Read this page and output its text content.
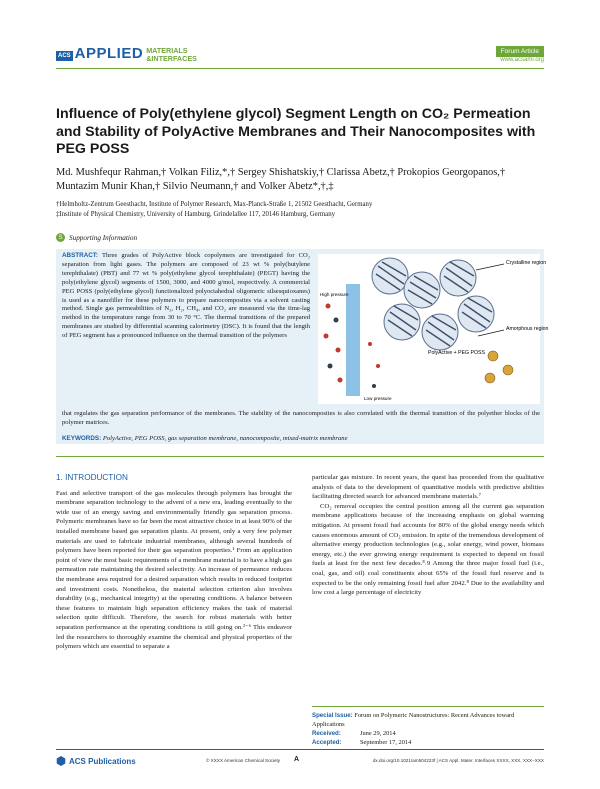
ACS APPLIED MATERIALS
&INTERFACES
Forum Article
www.acsami.org
Influence of Poly(ethylene glycol) Segment Length on CO₂ Permeation and Stability of PolyActive Membranes and Their Nanocomposites with PEG POSS
Md. Mushfequr Rahman,† Volkan Filiz,*,† Sergey Shishatskiy,† Clarissa Abetz,† Prokopios Georgopanos,† Muntazim Munir Khan,† Silvio Neumann,† and Volker Abetz*,†,‡
†Helmholtz-Zentrum Geesthacht, Institute of Polymer Research, Max-Planck-Straße 1, 21502 Geesthacht, Germany
‡Institute of Physical Chemistry, University of Hamburg, Grindelallee 117, 20146 Hamburg, Germany
S Supporting Information
ABSTRACT: Three grades of PolyActive block copolymers are investigated for CO₂ separation from light gases. The polymers are composed of 23 wt % poly(butylene terephthalate) (PBT) and 77 wt % poly(ethylene glycol terephthalate) (PEGT) having the poly(ethylene glycol) segments of 1500, 3000, and 4000 g/mol, respectively. A commercial PEG POSS (poly(ethylene glycol) functionalized polyoctahedral oligomeric silsesquioxanes) is used as a nanofiller for these polymers to prepare nanocomposites via a solvent casting method. Single gas permeabilities of N₂, H₂, CH₄, and CO₂ are measured via the time-lag method in the temperature range from 30 to 70 °C. The thermal transitions of the prepared membranes are studied by differential scanning calorimetry (DSC). It is found that the length of PEG segment has a pronounced influence on the thermal transition of the polymers
that regulates the gas separation performance of the membranes. The stability of the nanocomposites is also correlated with the thermal transition of the polyether blocks of the polymer matrices.
KEYWORDS: PolyActive, PEG POSS, gas separation membrane, nanocomposite, mixed-matrix membrane
Crystalline region
Amorphous region
High pressure
Low pressure
PolyActive + PEG POSS
1. INTRODUCTION

Fast and selective transport of the gas molecules through polymers has brought the membrane separation technology to the advent of a new era, leading eventually to the wide use of an energy saving and environmentally friendly gas separation process. Polymeric membranes have so far been the most attractive choice in at least 90% of the installed membrane based gas separation plants. At present, only a very few polymer materials are used to fabricate industrial membranes, although several hundreds of polymers have been reported for their gas separation properties.¹ From an application point of view the most basic requirements of a membrane material is to have a high gas permeation rate maintaining the desired selectivity. An increase of permeance reduces the membrane area required for a desired separation which results in reduced footprint and investment costs. Nonetheless, the material selection criterion also involves durability (e.g., mechanical integrity) at the operating conditions. A balance between these features to maintain high separation efficiency makes the task of material selection quite difficult. Therefore, the search for robust materials with better separation performance at the operating conditions is still going on.²⁻⁶ This endeavor led the researchers to thoroughly examine the chemical and physical properties of the polymers which are essential to separate a

particular gas mixture. In recent years, the quest has proceeded from the qualitative analysis of data to the development of quantitative models with predictive abilities facilitating directed search for advanced membrane materials.⁷

CO₂ removal occupies the central position among all the current gas separation membrane applications because of the increasing emphasis on global warming mitigation. At present fossil fuel accounts for 80% of the global energy needs which causes enormous amount of CO₂ emission. In spite of the tremendous development of alternative energy production technologies (e.g., solar energy, wind power, biomass energy, etc.) the ever growing energy requirement is expected to depend on fossil fuels at least for the next few decades.⁸˒9 Among the three major fossil fuel (i.e., coal, gas, and oil) coal constituents about 65% of the fossil fuel reserve and is expected to be the only remaining fossil fuel after 2042.⁸ Due to the availability and low cost a large percentage of electricity

Special Issue: Forum on Polymeric Nanostructures: Recent Advances toward Applications
Received:	June 29, 2014
Accepted:	September 17, 2014
ACS Publications	© XXXX American Chemical Society A	dx.doi.org/10.1021/am504223f | ACS Appl. Mater. Interfaces XXXX, XXX, XXX−XXX
